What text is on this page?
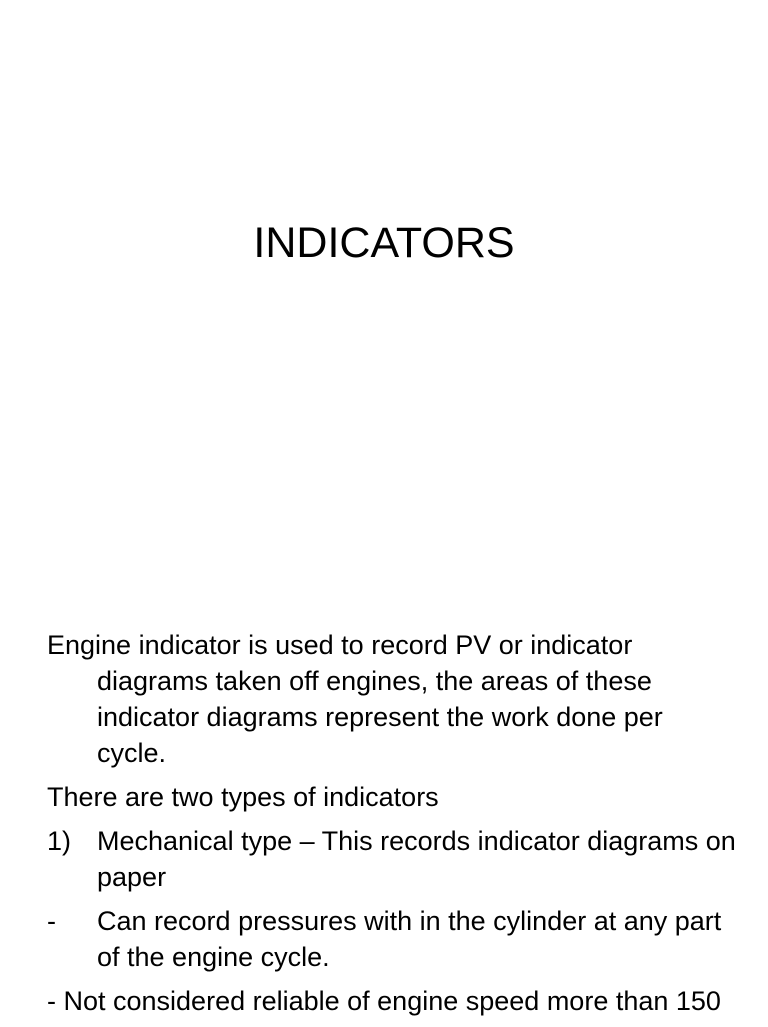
INDICATORS

Engine indicator is used to record PV or indicator diagrams taken off engines, the areas of these indicator diagrams represent the work done per cycle.

There are two types of indicators

1) Mechanical type – This records indicator diagrams on paper
-	Can record pressures with in the cylinder at any part of the engine cycle.

- Not considered reliable of engine speed more than 150
